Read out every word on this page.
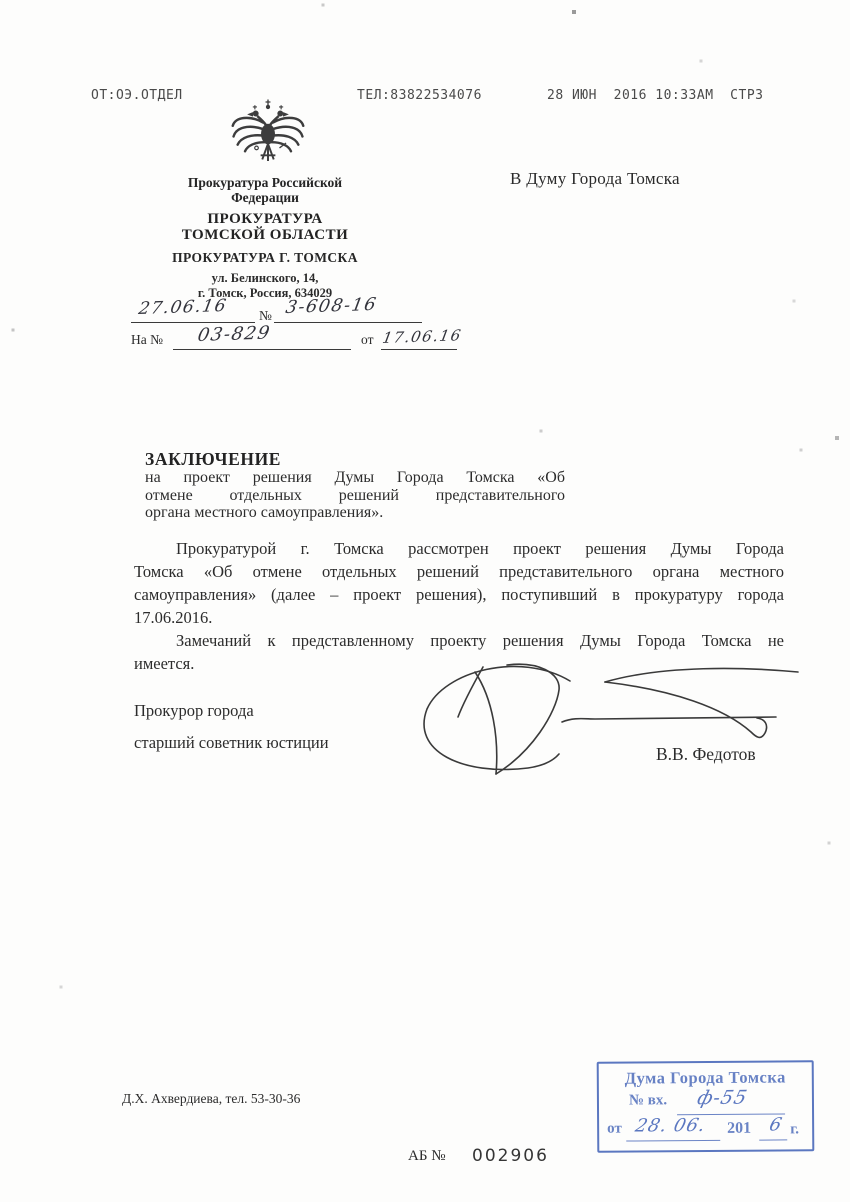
ОТ:ОЭ.ОТДЕЛ	ТЕЛ:83822534076	28 ИЮН  2016 10:33AM  СТР3
Прокуратура Российской
Федерации
ПРОКУРАТУРА
ТОМСКОЙ ОБЛАСТИ
ПРОКУРАТУРА Г. ТОМСКА
ул. Белинского, 14,
г. Томск, Россия, 634029
27.06.16 № 3-608-16
На № 03-829	от 17.06.16
В Думу Города Томска
ЗАКЛЮЧЕНИЕ
на проект решения Думы Города Томска «Об
отмене отдельных решений представительного
органа местного самоуправления».
Прокуратурой г. Томска рассмотрен проект решения Думы Города
Томска «Об отмене отдельных решений представительного органа местного
самоуправления» (далее – проект решения), поступивший в прокуратуру города
17.06.2016.
Замечаний к представленному проекту решения Думы Города Томска не
имеется.
Прокурор города
старший советник юстиции
В.В. Федотов
Д.Х. Ахвердиева, тел. 53-30-36
Дума Города Томска
№ вх. ф-55
от 28. 06. 201 6 г.
АБ № 002906
